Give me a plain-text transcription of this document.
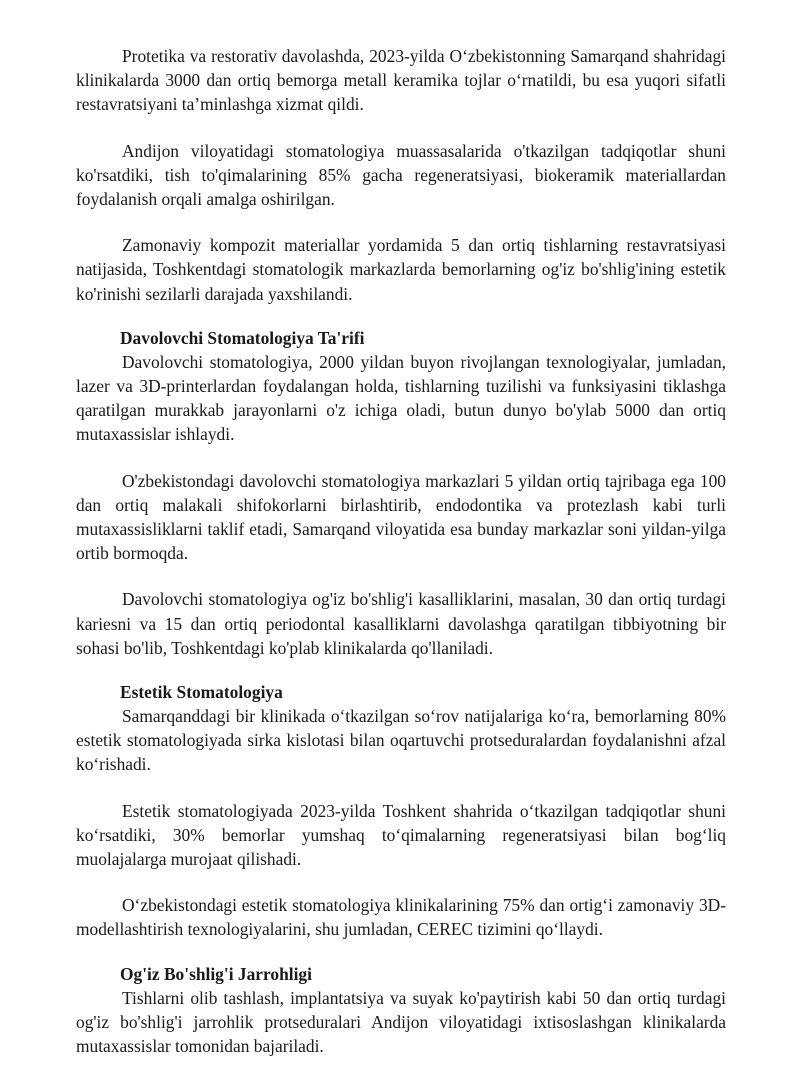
Protetika va restorativ davolashda, 2023-yilda O‘zbekistonning Samarqand shahridagi klinikalarda 3000 dan ortiq bemorga metall keramika tojlar o‘rnatildi, bu esa yuqori sifatli restavratsiyani ta’minlashga xizmat qildi.

Andijon viloyatidagi stomatologiya muassasalarida o'tkazilgan tadqiqotlar shuni ko'rsatdiki, tish to'qimalarining 85% gacha regeneratsiyasi, biokeramik materiallardan foydalanish orqali amalga oshirilgan.

Zamonaviy kompozit materiallar yordamida 5 dan ortiq tishlarning restavratsiyasi natijasida, Toshkentdagi stomatologik markazlarda bemorlarning og'iz bo'shlig'ining estetik ko'rinishi sezilarli darajada yaxshilandi.

Davolovchi Stomatologiya Ta'rifi

Davolovchi stomatologiya, 2000 yildan buyon rivojlangan texnologiyalar, jumladan, lazer va 3D-printerlardan foydalangan holda, tishlarning tuzilishi va funksiyasini tiklashga qaratilgan murakkab jarayonlarni o'z ichiga oladi, butun dunyo bo'ylab 5000 dan ortiq mutaxassislar ishlaydi.

O'zbekistondagi davolovchi stomatologiya markazlari 5 yildan ortiq tajribaga ega 100 dan ortiq malakali shifokorlarni birlashtirib, endodontika va protezlash kabi turli mutaxassisliklarni taklif etadi, Samarqand viloyatida esa bunday markazlar soni yildan-yilga ortib bormoqda.

Davolovchi stomatologiya og'iz bo'shlig'i kasalliklarini, masalan, 30 dan ortiq turdagi kariesni va 15 dan ortiq periodontal kasalliklarni davolashga qaratilgan tibbiyotning bir sohasi bo'lib, Toshkentdagi ko'plab klinikalarda qo'llaniladi.

Estetik Stomatologiya

Samarqanddagi bir klinikada o‘tkazilgan so‘rov natijalariga ko‘ra, bemorlarning 80% estetik stomatologiyada sirka kislotasi bilan oqartuvchi protseduralardan foydalanishni afzal ko‘rishadi.

Estetik stomatologiyada 2023-yilda Toshkent shahrida o‘tkazilgan tadqiqotlar shuni ko‘rsatdiki, 30% bemorlar yumshaq to‘qimalarning regeneratsiyasi bilan bog‘liq muolajalarga murojaat qilishadi.

O‘zbekistondagi estetik stomatologiya klinikalarining 75% dan ortig‘i zamonaviy 3D-modellashtirish texnologiyalarini, shu jumladan, CEREC tizimini qo‘llaydi.

Og'iz Bo'shlig'i Jarrohligi

Tishlarni olib tashlash, implantatsiya va suyak ko'paytirish kabi 50 dan ortiq turdagi og'iz bo'shlig'i jarrohlik protseduralari Andijon viloyatidagi ixtisoslashgan klinikalarda mutaxassislar tomonidan bajariladi.
